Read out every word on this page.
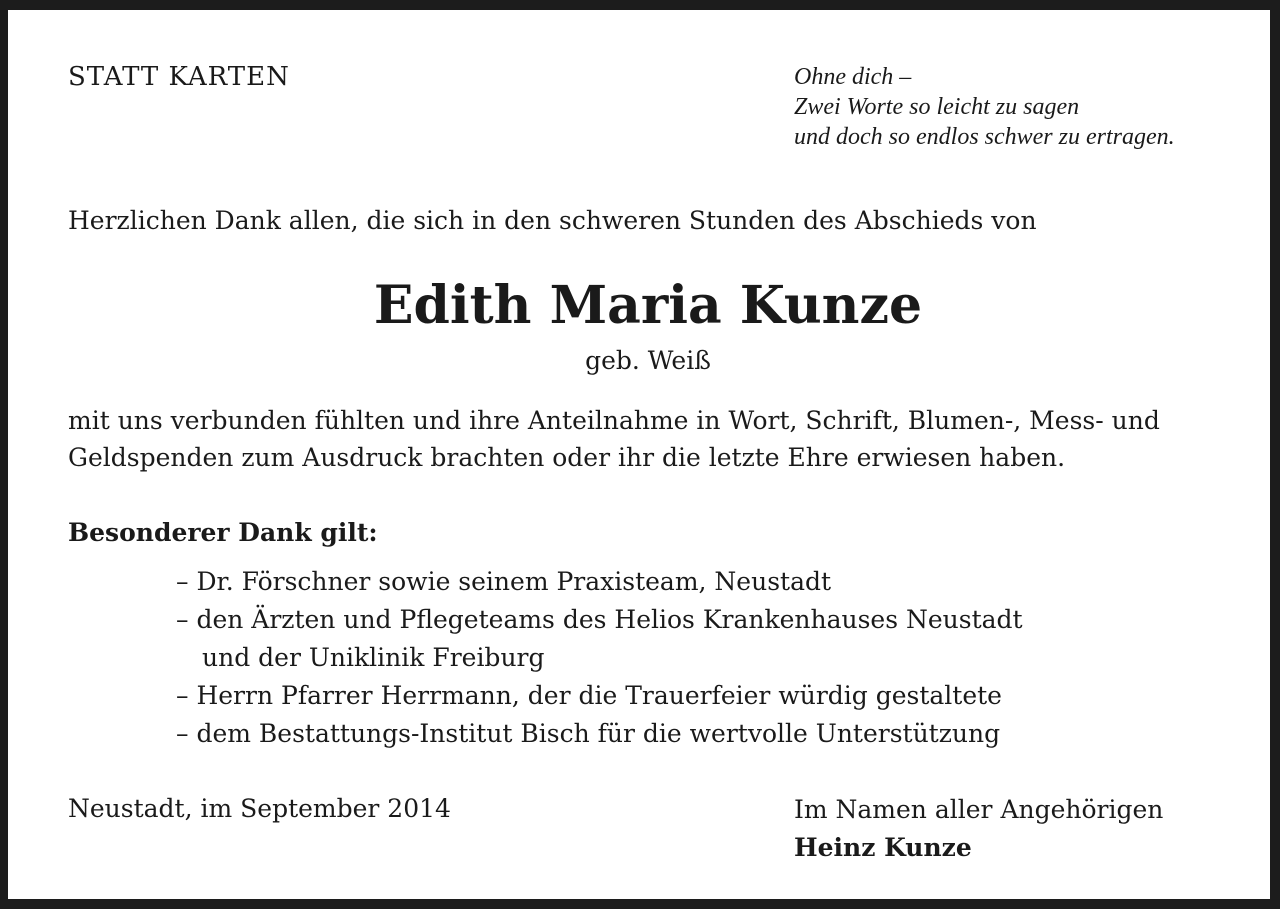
STATT KARTEN	Ohne dich –
Zwei Worte so leicht zu sagen
und doch so endlos schwer zu ertragen.
Herzlichen Dank allen, die sich in den schweren Stunden des Abschieds von
Edith Maria Kunze
geb. Weiß
mit uns verbunden fühlten und ihre Anteilnahme in Wort, Schrift, Blumen-, Mess- und
Geldspenden zum Ausdruck brachten oder ihr die letzte Ehre erwiesen haben.
Besonderer Dank gilt:
– Dr. Förschner sowie seinem Praxisteam, Neustadt
– den Ärzten und Pflegeteams des Helios Krankenhauses Neustadt
und der Uniklinik Freiburg
– Herrn Pfarrer Herrmann, der die Trauerfeier würdig gestaltete
– dem Bestattungs-Institut Bisch für die wertvolle Unterstützung
Neustadt, im September 2014	Im Namen aller Angehörigen
Heinz Kunze
